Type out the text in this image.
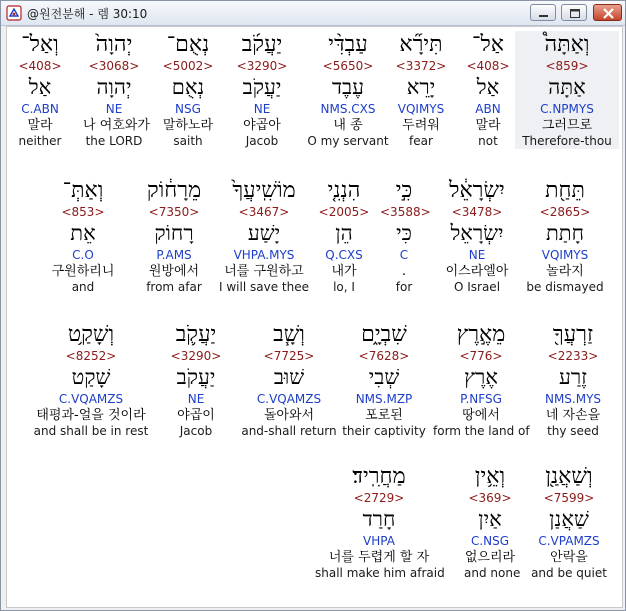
@원전분해 - 렘 30:10
וְאַל־
<408>
אַל
C.ABN
말라
neither
יְהוָה֙
<3068>
יְהוָה
NE
나 여호와가
the LORD
נְאֻם־
<5002>
נְאֻם
NSG
말하노라
saith
יַעֲקֹ֜ב
<3290>
יַעֲקֹב
NE
야곱아
Jacob
עַבְדִּ֨י
<5650>
עֶבֶד
NMS.CXS
내 종
O my servant
תִּירָ֞א
<3372>
יָרֵא
VQIMYS
두려워
fear
אַל־
<408>
אַל
ABN
말라
not
וְאַתָּה֩
<859>
אַתָּה
C.NPMYS
그러므로
Therefore-thou
וְאַתְּ־
<853>
אֵת
C.O
구원하리니
and
מֵרָח֔וֹק
<7350>
רָחוֹק
P.AMS
원방에서
from afar
מוֹשִֽׁיעֲךָ֙
<3467>
יָשַׁע
VHPA.MYS
너를 구원하고
I will save thee
הִנְנִ֤י
<2005>
הֵן
Q.CXS
내가
lo, I
כִּ֣י
<3588>
כִּי
C
.
for
יִשְׂרָאֵ֔ל
<3478>
יִשְׂרָאֵל
NE
이스라엘아
O Israel
תֵּחַ֖ת
<2865>
חָתַת
VQIMYS
놀라지
be dismayed
וְשָׁקַ֥ט
<8252>
שָׁקַט
C.VQAMZS
태평과-얼을 것이라
and shall be in rest
יַעֲקֹ֛ב
<3290>
יַעֲקֹב
NE
야곱이
Jacob
וְשָׁ֧ב
<7725>
שׁוּב
C.VQAMZS
돌아와서
and-shall return
שִׁבְיָ֑ם
<7628>
שְׁבִי
NMS.MZP
포로된
their captivity
מֵאֶ֣רֶץ
<776>
אֶרֶץ
P.NFSG
땅에서
form the land of
זַרְעֲךָ֖
<2233>
זֶרַע
NMS.MYS
네 자손을
thy seed
מַחֲרִֽיד׃
<2729>
חָרַד
VHPA
너를 두렵게 할 자
shall make him afraid
וְאֵ֥ין
<369>
אַיִן
C.NSG
없으리라
and none
וְשַׁאֲנַ֖ן
<7599>
שַׁאֲנַן
C.VPAMZS
안락을
and be quiet
